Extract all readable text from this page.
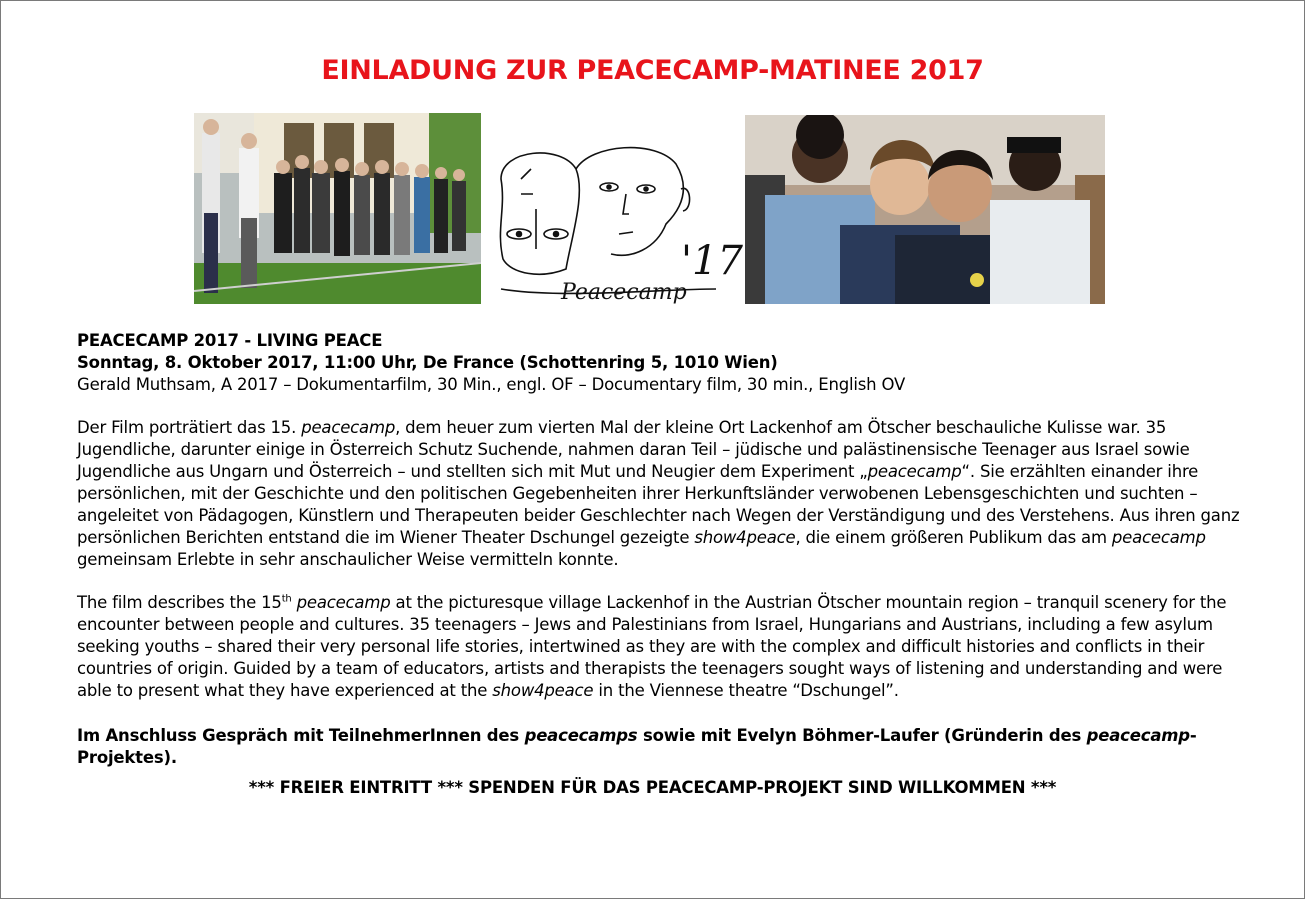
EINLADUNG ZUR PEACECAMP-MATINEE 2017
'17
Peacecamp
PEACECAMP 2017 - LIVING PEACE
Sonntag, 8. Oktober 2017, 11:00 Uhr, De France (Schottenring 5, 1010 Wien)
Gerald Muthsam, A 2017 – Dokumentarfilm, 30 Min., engl. OF – Documentary film, 30 min., English OV
Der Film porträtiert das 15. peacecamp, dem heuer zum vierten Mal der kleine Ort Lackenhof am Ötscher beschauliche Kulisse war. 35 Jugendliche, darunter einige in Österreich Schutz Suchende, nahmen daran Teil – jüdische und palästinensische Teenager aus Israel sowie Jugendliche aus Ungarn und Österreich – und stellten sich mit Mut und Neugier dem Experiment „peacecamp“. Sie erzählten einander ihre persönlichen, mit der Geschichte und den politischen Gegebenheiten ihrer Herkunftsländer verwobenen Lebensgeschichten und suchten – angeleitet von Pädagogen, Künstlern und Therapeuten beider Geschlechter nach Wegen der Verständigung und des Verstehens. Aus ihren ganz persönlichen Berichten entstand die im Wiener Theater Dschungel gezeigte show4peace, die einem größeren Publikum das am peacecamp gemeinsam Erlebte in sehr anschaulicher Weise vermitteln konnte.
The film describes the 15th peacecamp at the picturesque village Lackenhof in the Austrian Ötscher mountain region – tranquil scenery for the encounter between people and cultures. 35 teenagers – Jews and Palestinians from Israel, Hungarians and Austrians, including a few asylum seeking youths – shared their very personal life stories, intertwined as they are with the complex and difficult histories and conflicts in their countries of origin. Guided by a team of educators, artists and therapists the teenagers sought ways of listening and understanding and were able to present what they have experienced at the show4peace in the Viennese theatre “Dschungel”.
Im Anschluss Gespräch mit TeilnehmerInnen des peacecamps sowie mit Evelyn Böhmer-Laufer (Gründerin des peacecamp-Projektes).
*** FREIER EINTRITT *** SPENDEN FÜR DAS PEACECAMP-PROJEKT SIND WILLKOMMEN ***
